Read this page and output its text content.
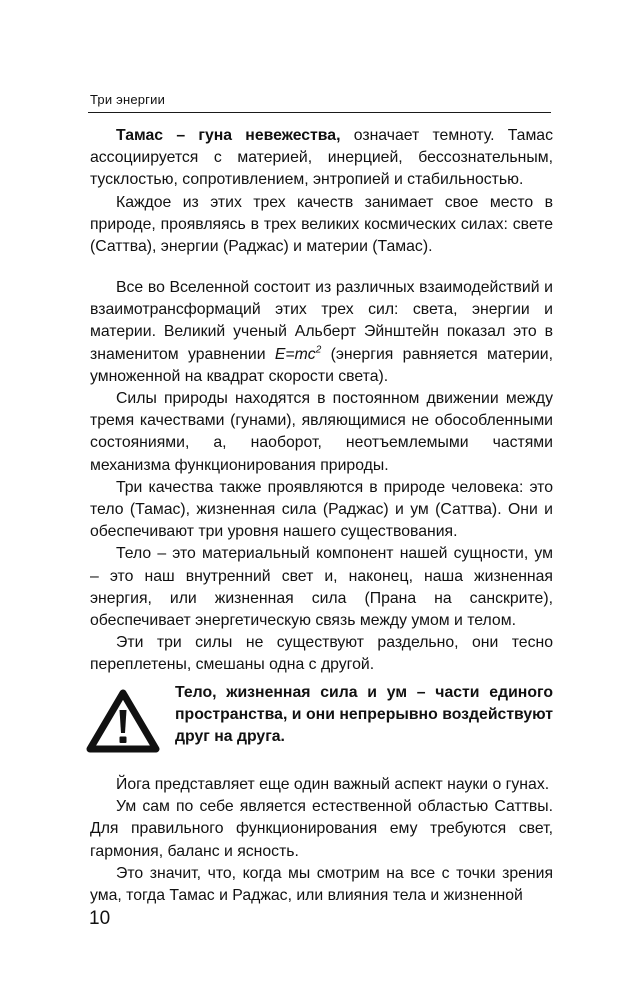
Три энергии

Тамас – гуна невежества, означает темноту. Тамас ассоциируется с материей, инерцией, бессознательным, тусклостью, сопротивлением, энтропией и стабильностью.

Каждое из этих трех качеств занимает свое место в природе, проявляясь в трех великих космических силах: свете (Саттва), энергии (Раджас) и материи (Тамас).

Все во Вселенной состоит из различных взаимодействий и взаимотрансформаций этих трех сил: света, энергии и материи. Великий ученый Альберт Эйнштейн показал это в знаменитом уравнении $E=mc^2$ (энергия равняется материи, умноженной на квадрат скорости света).

Силы природы находятся в постоянном движении между тремя качествами (гунами), являющимися не обособленными состояниями, а, наоборот, неотъемлемыми частями механизма функционирования природы.

Три качества также проявляются в природе человека: это тело (Тамас), жизненная сила (Раджас) и ум (Саттва). Они и обеспечивают три уровня нашего существования.

Тело – это материальный компонент нашей сущности, ум – это наш внутренний свет и, наконец, наша жизненная энергия, или жизненная сила (Прана на санскрите), обеспечивает энергетическую связь между умом и телом.

Эти три силы не существуют раздельно, они тесно переплетены, смешаны одна с другой.

Тело, жизненная сила и ум – части единого пространства, и они непрерывно воздействуют друг на друга.

Йога представляет еще один важный аспект науки о гунах.

Ум сам по себе является естественной областью Саттвы. Для правильного функционирования ему требуются свет, гармония, баланс и ясность.

Это значит, что, когда мы смотрим на все с точки зрения ума, тогда Тамас и Раджас, или влияния тела и жизненной

10
